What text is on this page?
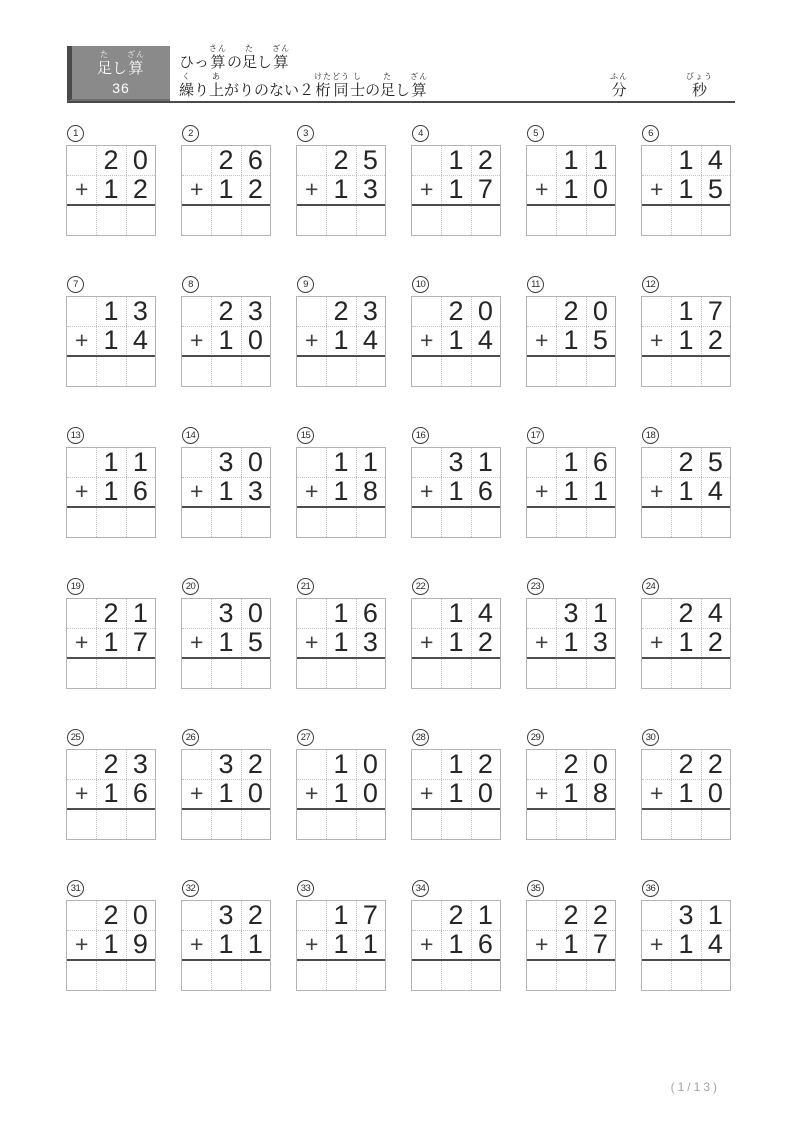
た
足 し
ざん
算
36
ひっ
さん
算 の
た
足 し
ざん
算
く
繰 り
あ
上 がりのない２
けた
桁
どう
同
し
士 の
た
足 し
ざん
算
ふん
分
びょう
秒
1
2 0
+ 1 2
2
2 6
+ 1 2
3
2 5
+ 1 3
4
1 2
+ 1 7
5
1 1
+ 1 0
6
1 4
+ 1 5
7
1 3
+ 1 4
8
2 3
+ 1 0
9
2 3
+ 1 4
10
2 0
+ 1 4
11
2 0
+ 1 5
12
1 7
+ 1 2
13
1 1
+ 1 6
14
3 0
+ 1 3
15
1 1
+ 1 8
16
3 1
+ 1 6
17
1 6
+ 1 1
18
2 5
+ 1 4
19
2 1
+ 1 7
20
3 0
+ 1 5
21
1 6
+ 1 3
22
1 4
+ 1 2
23
3 1
+ 1 3
24
2 4
+ 1 2
25
2 3
+ 1 6
26
3 2
+ 1 0
27
1 0
+ 1 0
28
1 2
+ 1 0
29
2 0
+ 1 8
30
2 2
+ 1 0
31
2 0
+ 1 9
32
3 2
+ 1 1
33
1 7
+ 1 1
34
2 1
+ 1 6
35
2 2
+ 1 7
36
3 1
+ 1 4
(1/13)
